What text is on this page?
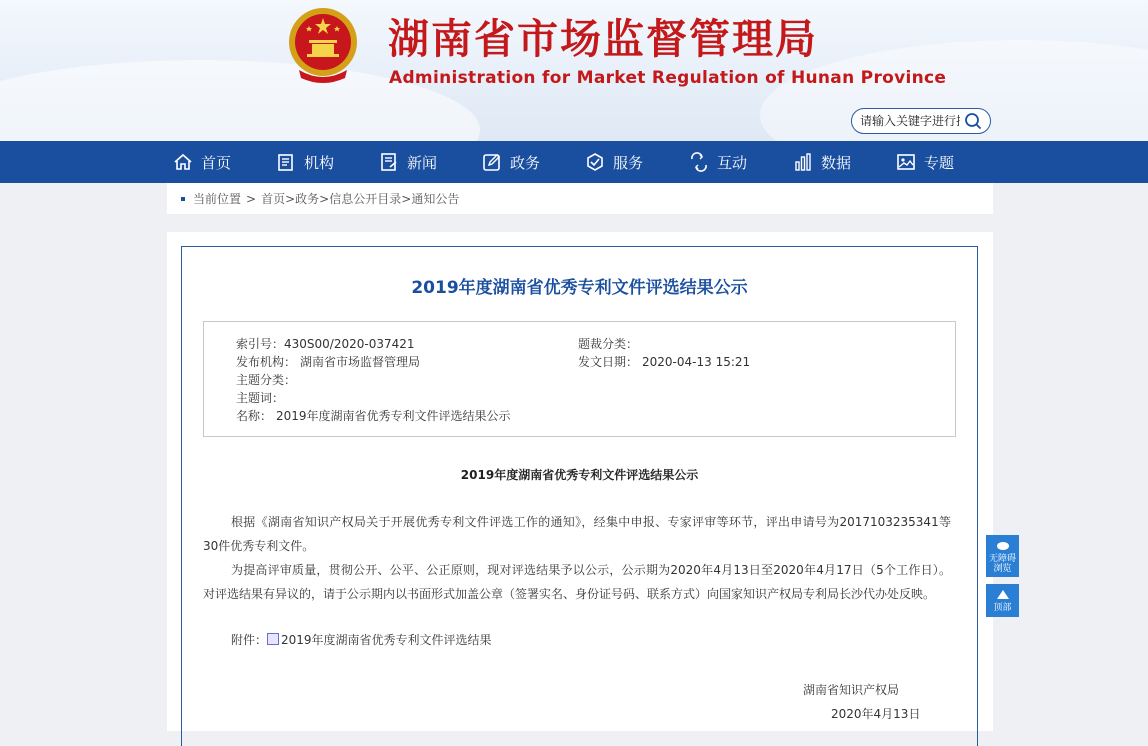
湖南省市场监督管理局
Administration for Market Regulation of Hunan Province
请输入关键字进行搜索
首页	机构	新闻	政务	服务	互动	数据	专题
当前位置 > 首页 > 政务 > 信息公开目录 > 通知公告
2019年度湖南省优秀专利文件评选结果公示
索引号：430S00/2020-037421	题裁分类：
发布机构： 湖南省市场监督管理局	发文日期： 2020-04-13 15:21
主题分类：
主题词：
名称： 2019年度湖南省优秀专利文件评选结果公示
2019年度湖南省优秀专利文件评选结果公示
根据《湖南省知识产权局关于开展优秀专利文件评选工作的通知》，经集中申报、专家评审等环节，评出申请号为2017103235341等30件优秀专利文件。
为提高评审质量，贯彻公开、公平、公正原则，现对评选结果予以公示，公示期为2020年4月13日至2020年4月17日（5个工作日）。对评选结果有异议的，请于公示期内以书面形式加盖公章（签署实名、身份证号码、联系方式）向国家知识产权局专利局长沙代办处反映。
附件： 2019年度湖南省优秀专利文件评选结果
湖南省知识产权局
2020年4月13日
无障碍
浏览
顶部
